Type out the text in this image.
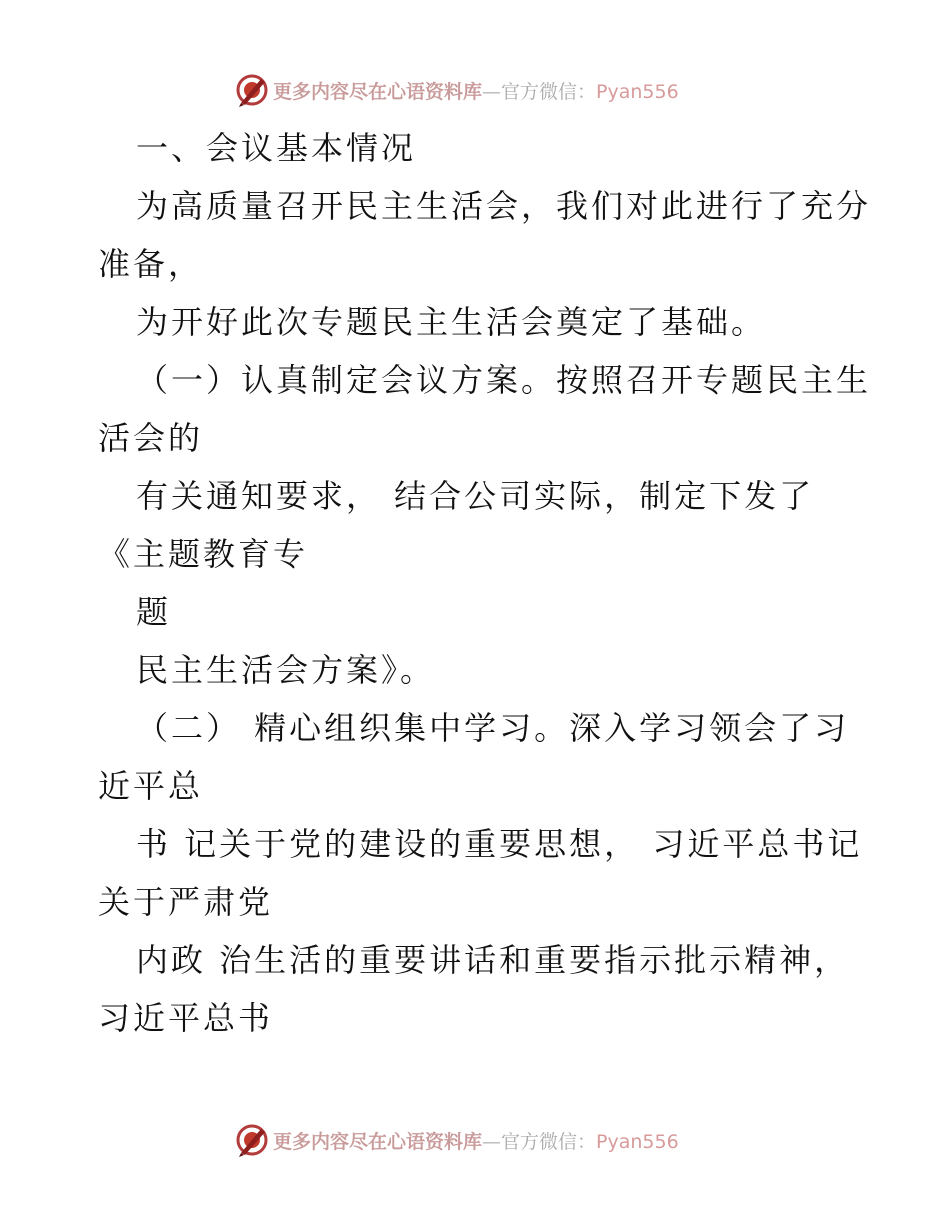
更多内容尽在心语资料库—官方微信：Pyan556
一、会议基本情况
为高质量召开民主生活会，我们对此进行了充分
准备，
为开好此次专题民主生活会奠定了基础。
（一）认真制定会议方案。按照召开专题民主生
活会的
有关通知要求， 结合公司实际，制定下发了
《主题教育专
题
民主生活会方案》。
（二） 精心组织集中学习。深入学习领会了习
近平总
书 记关于党的建设的重要思想， 习近平总书记
关于严肃党
内政 治生活的重要讲话和重要指示批示精神，
习近平总书
更多内容尽在心语资料库—官方微信：Pyan556
